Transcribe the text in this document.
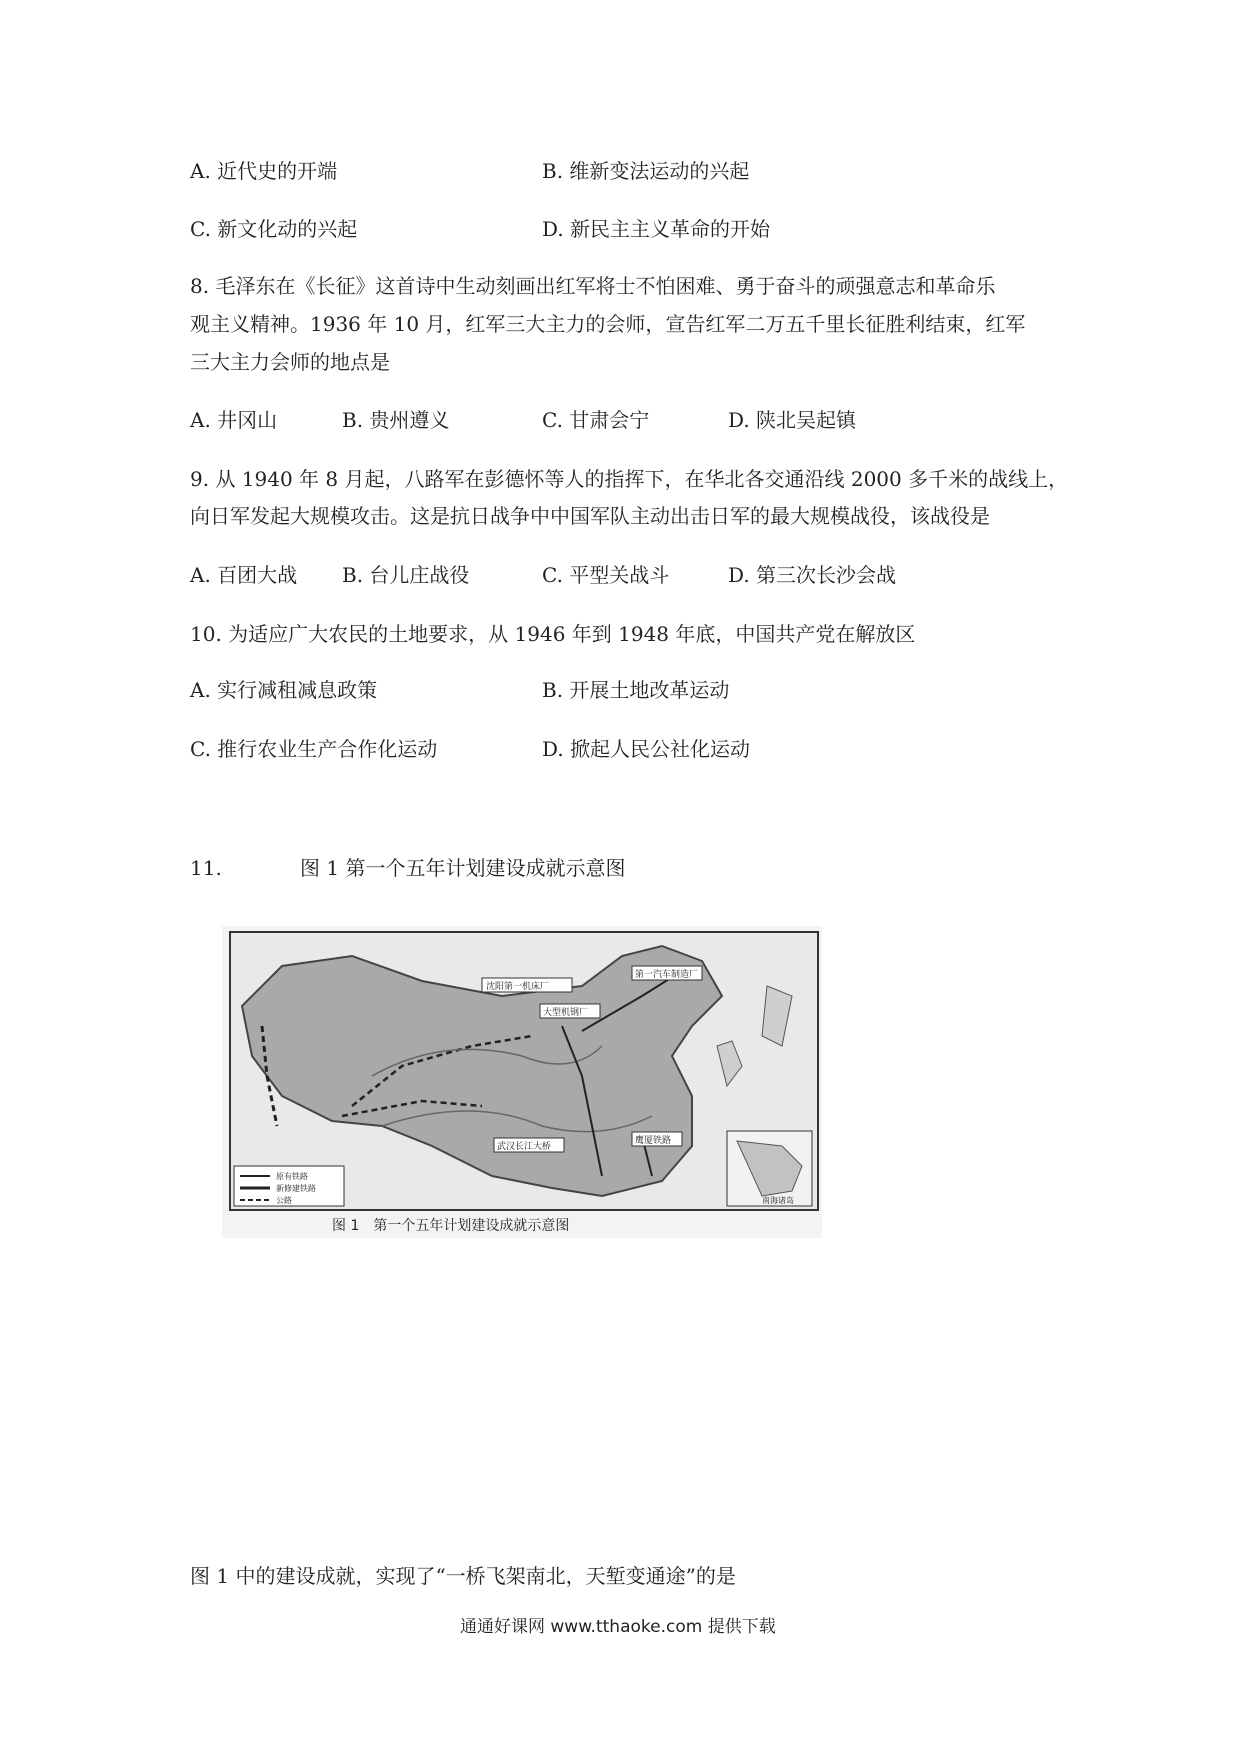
A. 近代史的开端	B. 维新变法运动的兴起
C. 新文化动的兴起	D. 新民主主义革命的开始
8. 毛泽东在《长征》这首诗中生动刻画出红军将士不怕困难、勇于奋斗的顽强意志和革命乐
观主义精神。1936 年 10 月，红军三大主力的会师，宣告红军二万五千里长征胜利结束，红军
三大主力会师的地点是
A. 井冈山	B. 贵州遵义	C. 甘肃会宁	D. 陕北吴起镇
9. 从 1940 年 8 月起，八路军在彭德怀等人的指挥下，在华北各交通沿线 2000 多千米的战线上，
向日军发起大规模攻击。这是抗日战争中中国军队主动出击日军的最大规模战役，该战役是
A. 百团大战 B. 台儿庄战役	C. 平型关战斗	D. 第三次长沙会战
10. 为适应广大农民的土地要求，从 1946 年到 1948 年底，中国共产党在解放区
A. 实行减租减息政策	B. 开展土地改革运动
C. 推行农业生产合作化运动	D. 掀起人民公社化运动
11.	图 1 第一个五年计划建设成就示意图
沈阳第一机床厂
第一汽车制造厂
大型机钢厂
武汉长江大桥
鹰厦铁路
原有铁路
新修建铁路
公路	南海诸岛
图 1　第一个五年计划建设成就示意图
图 1 中的建设成就，实现了“一桥飞架南北，天堑变通途”的是
通通好课网 www.tthaoke.com 提供下载
